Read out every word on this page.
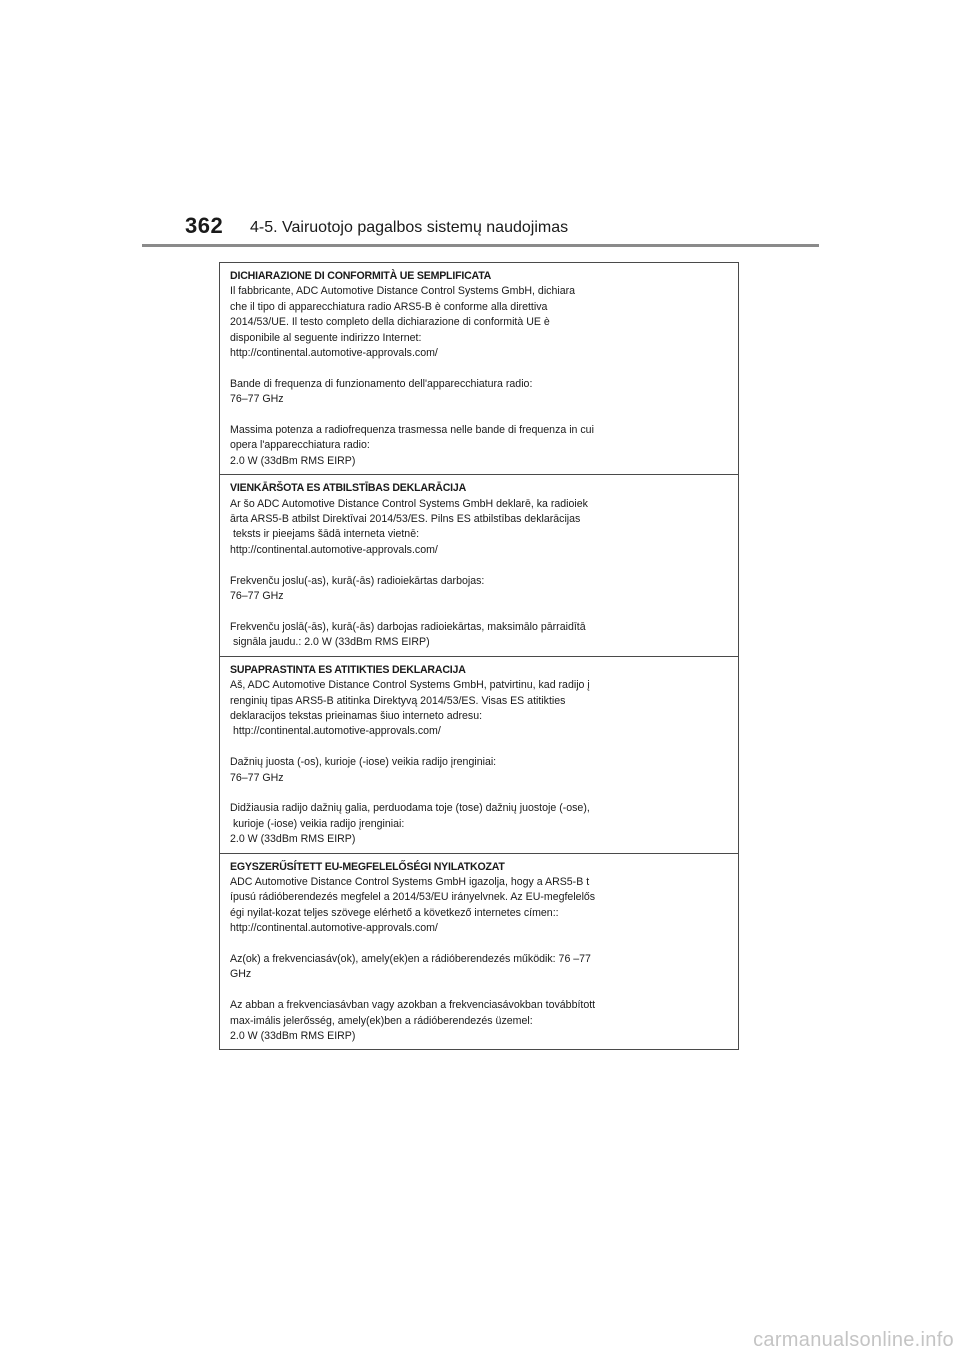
362 4-5. Vairuotojo pagalbos sistemų naudojimas
DICHIARAZIONE DI CONFORMITÀ UE SEMPLIFICATA

Il fabbricante, ADC Automotive Distance Control Systems GmbH, dichiara
che il tipo di apparecchiatura radio ARS5-B è conforme alla direttiva
2014/53/UE. Il testo completo della dichiarazione di conformità UE è
disponibile al seguente indirizzo Internet:
http://continental.automotive-approvals.com/

Bande di frequenza di funzionamento dell'apparecchiatura radio:
76–77 GHz

Massima potenza a radiofrequenza trasmessa nelle bande di frequenza in cui
opera l'apparecchiatura radio:
2.0 W (33dBm RMS EIRP)

VIENKĀRŠOTA ES ATBILSTĪBAS DEKLARĀCIJA

Ar šo ADC Automotive Distance Control Systems GmbH deklarē, ka radioiek
ārta ARS5-B atbilst Direktīvai 2014/53/ES. Pilns ES atbilstības deklarācijas
teksts ir pieejams šādā interneta vietnē:
http://continental.automotive-approvals.com/

Frekvenču joslu(-as), kurā(-ās) radioiekārtas darbojas:
76–77 GHz

Frekvenču joslā(-ās), kurā(-ās) darbojas radioiekārtas, maksimālo pārraidītā
signāla jaudu.: 2.0 W (33dBm RMS EIRP)

SUPAPRASTINTA ES ATITIKTIES DEKLARACIJA

Aš, ADC Automotive Distance Control Systems GmbH, patvirtinu, kad radijo į
renginių tipas ARS5-B atitinka Direktyvą 2014/53/ES. Visas ES atitikties
deklaracijos tekstas prieinamas šiuo interneto adresu:
http://continental.automotive-approvals.com/

Dažnių juosta (-os), kurioje (-iose) veikia radijo įrenginiai:
76–77 GHz

Didžiausia radijo dažnių galia, perduodama toje (tose) dažnių juostoje (-ose),
kurioje (-iose) veikia radijo įrenginiai:
2.0 W (33dBm RMS EIRP)

EGYSZERŰSÍTETT EU-MEGFELELŐSÉGI NYILATKOZAT

ADC Automotive Distance Control Systems GmbH igazolja, hogy a ARS5-B t
ípusú rádióberendezés megfelel a 2014/53/EU irányelvnek. Az EU-megfelelős
égi nyilat-kozat teljes szövege elérhető a következő internetes címen::
http://continental.automotive-approvals.com/

Az(ok) a frekvenciasáv(ok), amely(ek)en a rádióberendezés működik: 76 –77
GHz

Az abban a frekvenciasávban vagy azokban a frekvenciasávokban továbbított
max-imális jelerősség, amely(ek)ben a rádióberendezés üzemel:
2.0 W (33dBm RMS EIRP)

carmanualsonline.info
